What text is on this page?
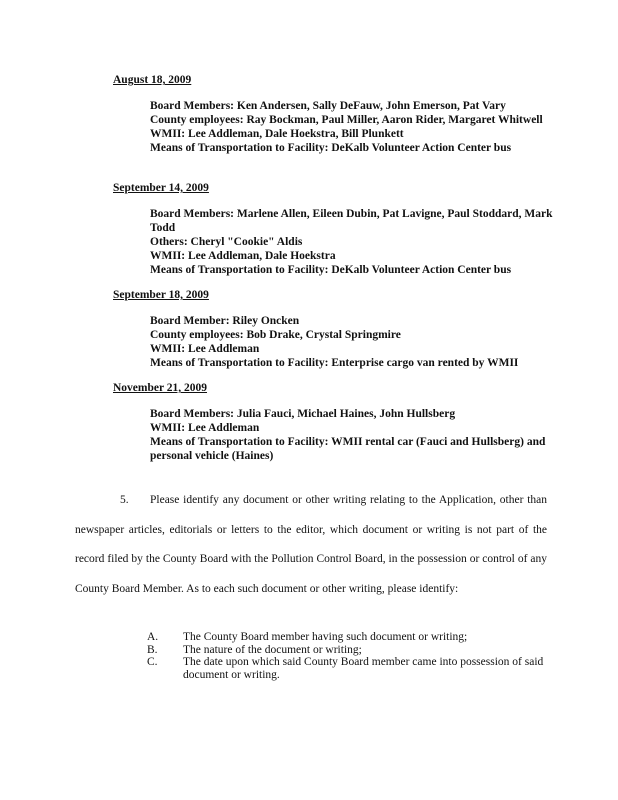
August 18, 2009
Board Members: Ken Andersen, Sally DeFauw, John Emerson, Pat Vary
County employees: Ray Bockman, Paul Miller, Aaron Rider, Margaret Whitwell
WMII: Lee Addleman, Dale Hoekstra, Bill Plunkett
Means of Transportation to Facility: DeKalb Volunteer Action Center bus
September 14, 2009
Board Members: Marlene Allen, Eileen Dubin, Pat Lavigne, Paul Stoddard, Mark Todd
Others: Cheryl "Cookie" Aldis
WMII: Lee Addleman, Dale Hoekstra
Means of Transportation to Facility: DeKalb Volunteer Action Center bus
September 18, 2009
Board Member: Riley Oncken
County employees: Bob Drake, Crystal Springmire
WMII: Lee Addleman
Means of Transportation to Facility: Enterprise cargo van rented by WMII
November 21, 2009
Board Members: Julia Fauci, Michael Haines, John Hullsberg
WMII: Lee Addleman
Means of Transportation to Facility: WMII rental car (Fauci and Hullsberg) and personal vehicle (Haines)
5. Please identify any document or other writing relating to the Application, other than newspaper articles, editorials or letters to the editor, which document or writing is not part of the record filed by the County Board with the Pollution Control Board, in the possession or control of any County Board Member. As to each such document or other writing, please identify:
A.	The County Board member having such document or writing;
B.	The nature of the document or writing;
C.	The date upon which said County Board member came into possession of said document or writing.
